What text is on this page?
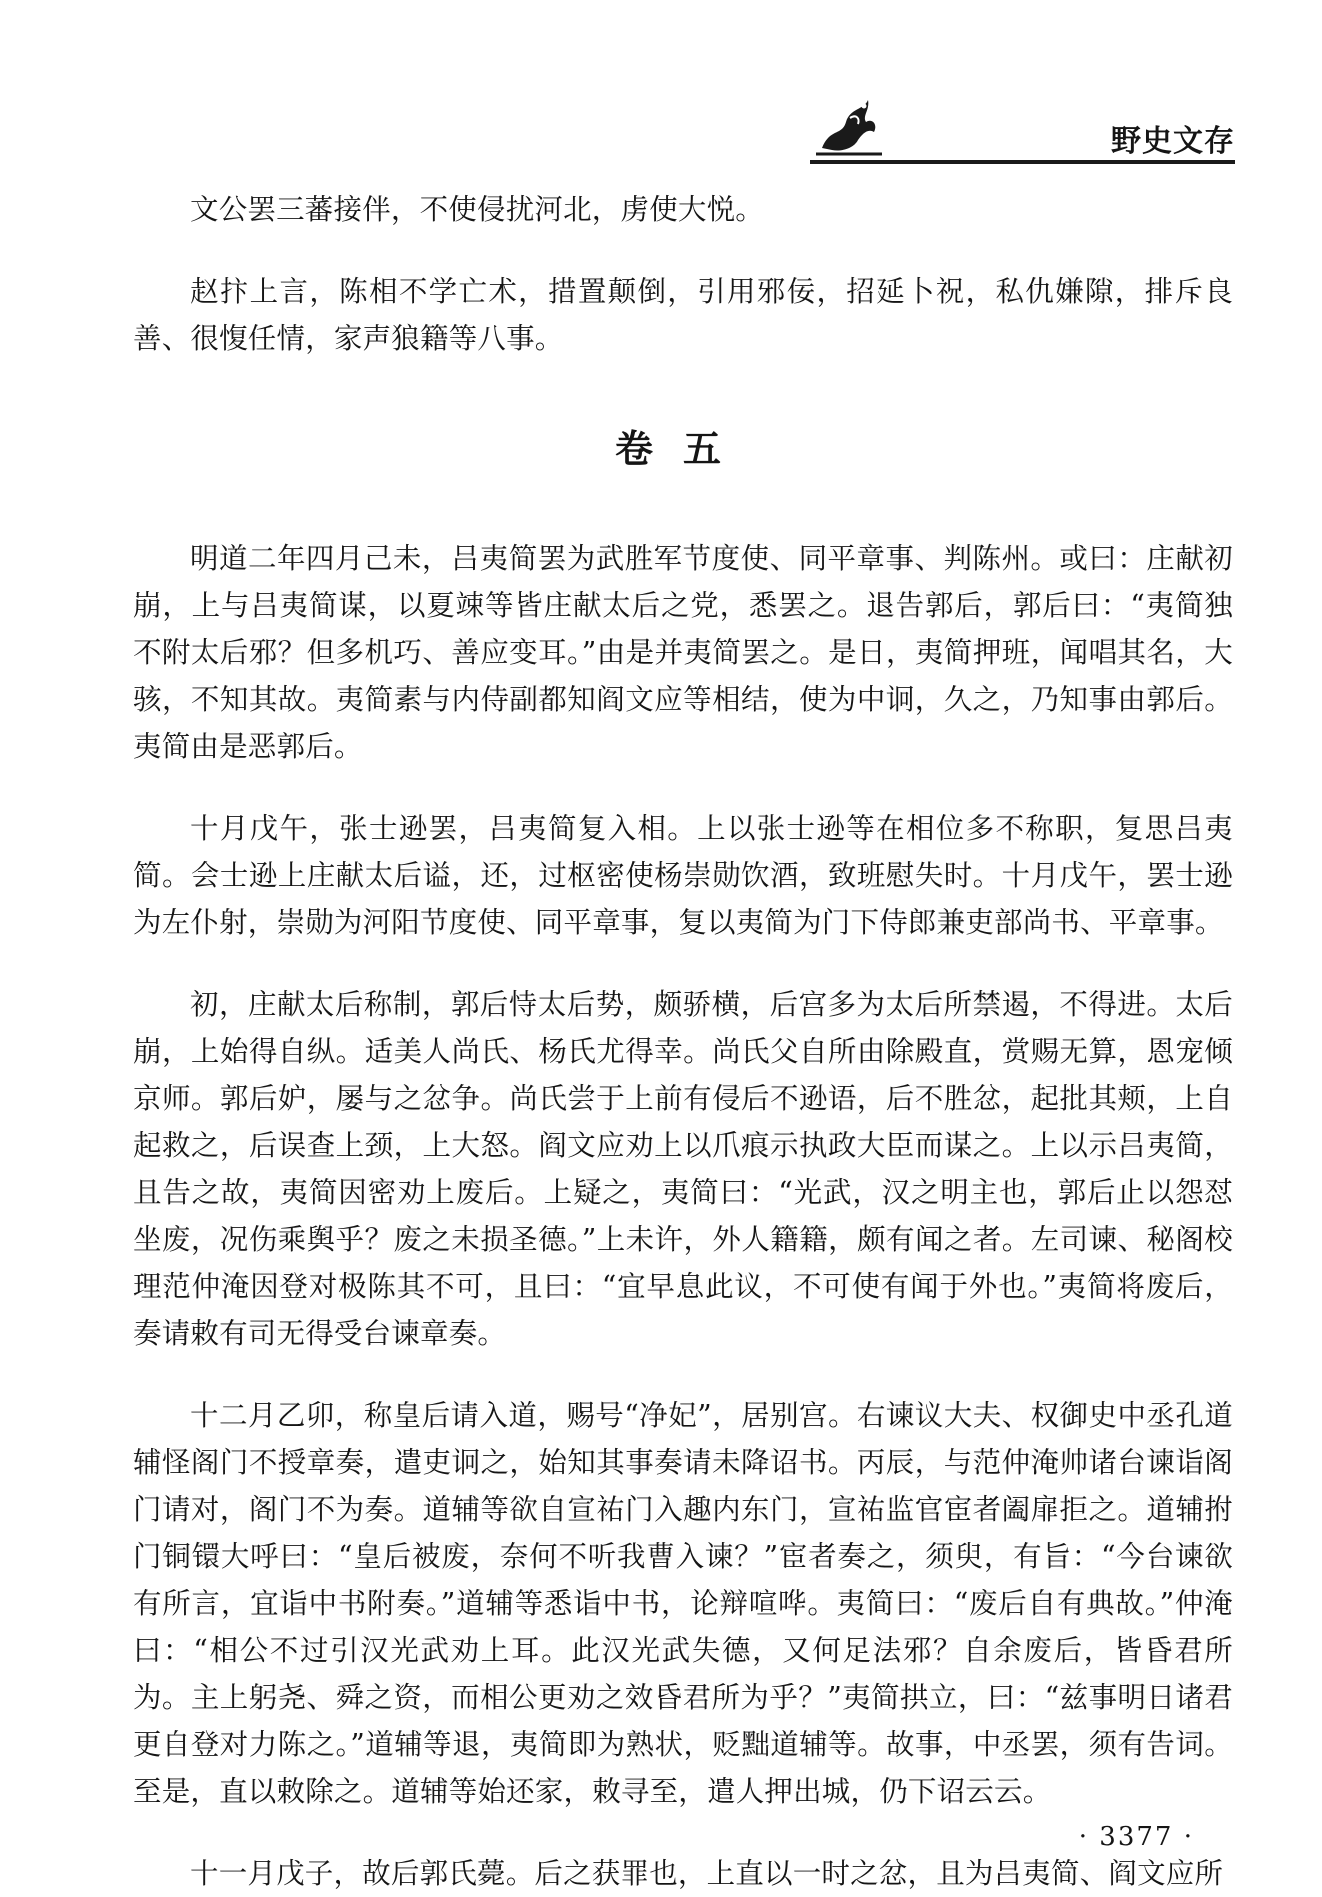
野史文存

文公罢三蕃接伴，不使侵扰河北，虏使大悦。

赵抃上言，陈相不学亡术，措置颠倒，引用邪佞，招延卜祝，私仇嫌隙，排斥良善、很愎任情，家声狼籍等八事。

卷五

明道二年四月己未，吕夷简罢为武胜军节度使、同平章事、判陈州。或曰：庄献初崩，上与吕夷简谋，以夏竦等皆庄献太后之党，悉罢之。退告郭后，郭后曰：“夷简独不附太后邪？但多机巧、善应变耳。”由是并夷简罢之。是日，夷简押班，闻唱其名，大骇，不知其故。夷简素与内侍副都知阎文应等相结，使为中诇，久之，乃知事由郭后。夷简由是恶郭后。

十月戊午，张士逊罢，吕夷简复入相。上以张士逊等在相位多不称职，复思吕夷简。会士逊上庄献太后谥，还，过枢密使杨崇勋饮酒，致班慰失时。十月戊午，罢士逊为左仆射，崇勋为河阳节度使、同平章事，复以夷简为门下侍郎兼吏部尚书、平章事。

初，庄献太后称制，郭后恃太后势，颇骄横，后宫多为太后所禁遏，不得进。太后崩，上始得自纵。适美人尚氏、杨氏尤得幸。尚氏父自所由除殿直，赏赐无算，恩宠倾京师。郭后妒，屡与之忿争。尚氏尝于上前有侵后不逊语，后不胜忿，起批其颊，上自起救之，后误查上颈，上大怒。阎文应劝上以爪痕示执政大臣而谋之。上以示吕夷简，且告之故，夷简因密劝上废后。上疑之，夷简曰：“光武，汉之明主也，郭后止以怨怼坐废，况伤乘舆乎？废之未损圣德。”上未许，外人籍籍，颇有闻之者。左司谏、秘阁校理范仲淹因登对极陈其不可，且曰：“宜早息此议，不可使有闻于外也。”夷简将废后，奏请敕有司无得受台谏章奏。

十二月乙卯，称皇后请入道，赐号“净妃”，居别宫。右谏议大夫、权御史中丞孔道辅怪阁门不授章奏，遣吏诇之，始知其事奏请未降诏书。丙辰，与范仲淹帅诸台谏诣阁门请对，阁门不为奏。道辅等欲自宣祐门入趣内东门，宣祐监官宦者阖扉拒之。道辅拊门铜镮大呼曰：“皇后被废，奈何不听我曹入谏？”宦者奏之，须臾，有旨：“今台谏欲有所言，宜诣中书附奏。”道辅等悉诣中书，论辩喧哗。夷简曰：“废后自有典故。”仲淹曰：“相公不过引汉光武劝上耳。此汉光武失德，又何足法邪？自余废后，皆昏君所为。主上躬尧、舜之资，而相公更劝之效昏君所为乎？”夷简拱立，曰：“兹事明日诸君更自登对力陈之。”道辅等退，夷简即为熟状，贬黜道辅等。故事，中丞罢，须有告词。至是，直以敕除之。道辅等始还家，敕寻至，遣人押出城，仍下诏云云。

十一月戊子，故后郭氏薨。后之获罪也，上直以一时之忿，且为吕夷简、阎文应所

· 3377 ·
